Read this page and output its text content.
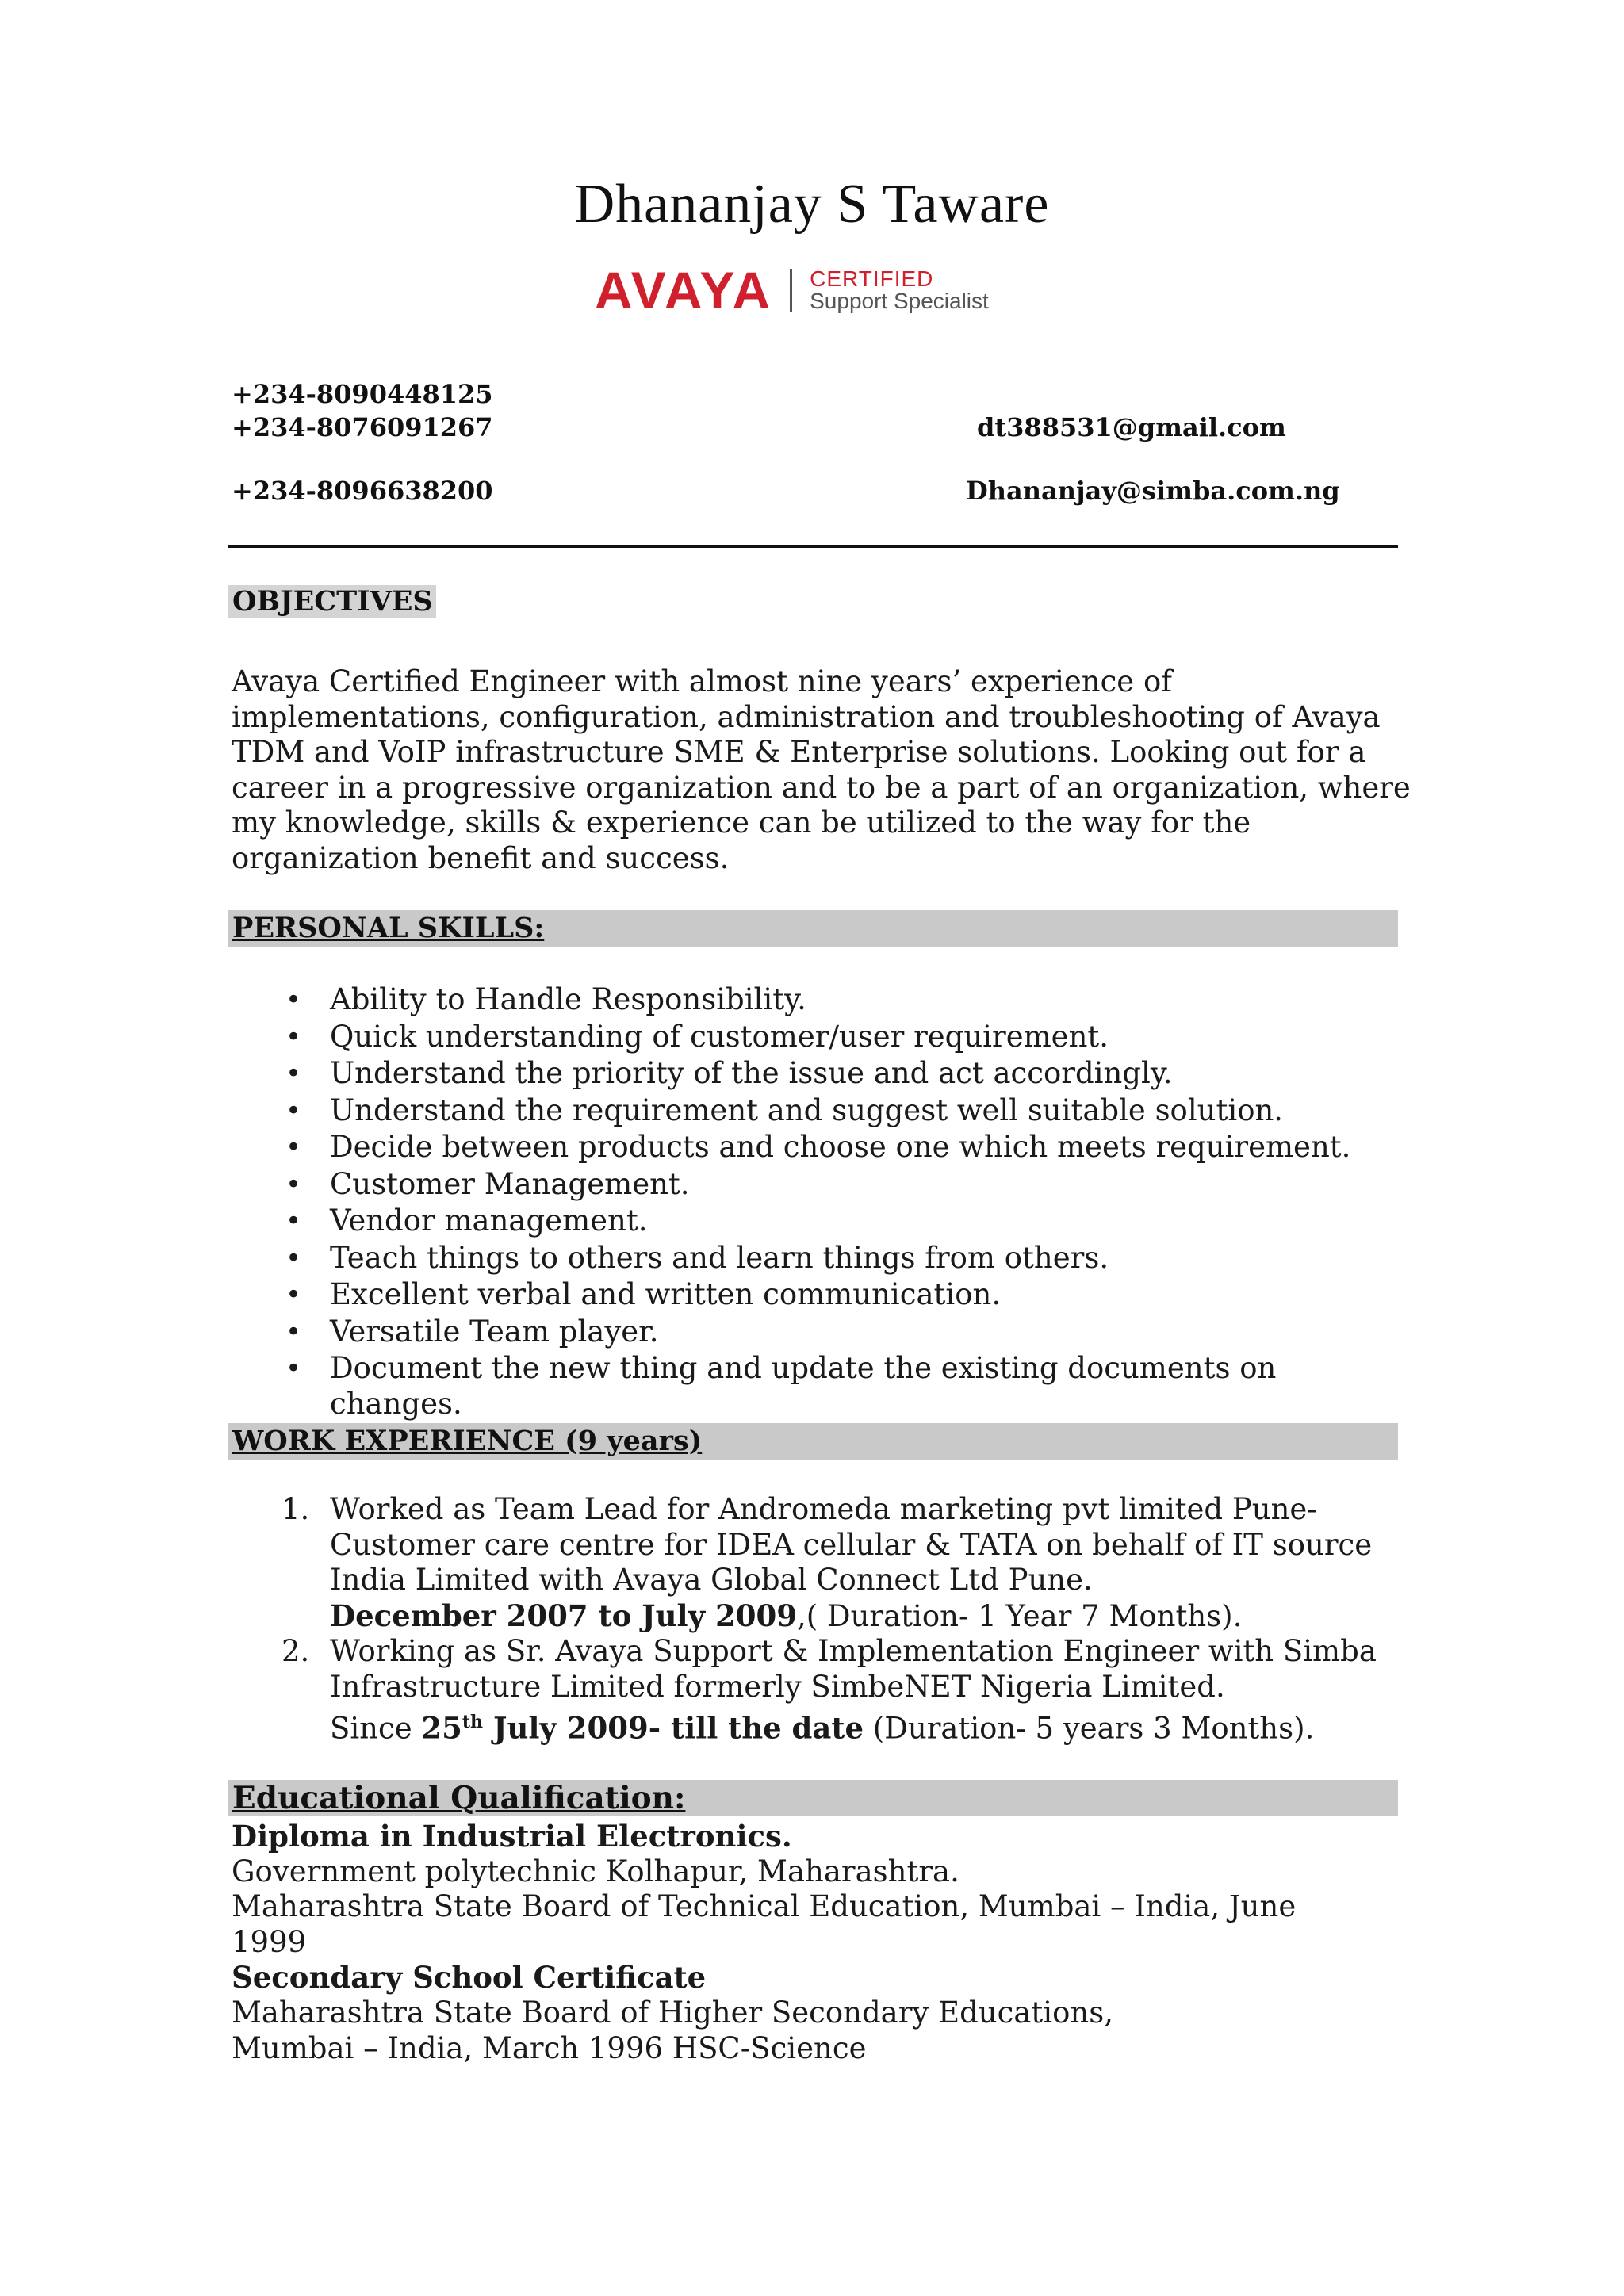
Dhananjay S Taware
AVAYA CERTIFIED
Support Specialist
+234-8090448125
+234-8076091267
+234-8096638200
dt388531@gmail.com
Dhananjay@simba.com.ng
OBJECTIVES
Avaya Certified Engineer with almost nine years’ experience of
implementations, configuration, administration and troubleshooting of Avaya
TDM and VoIP infrastructure SME & Enterprise solutions. Looking out for a
career in a progressive organization and to be a part of an organization, where
my knowledge, skills & experience can be utilized to the way for the
organization benefit and success.
PERSONAL SKILLS:
• Ability to Handle Responsibility.
• Quick understanding of customer/user requirement.
• Understand the priority of the issue and act accordingly.
• Understand the requirement and suggest well suitable solution.
• Decide between products and choose one which meets requirement.
• Customer Management.
• Vendor management.
• Teach things to others and learn things from others.
• Excellent verbal and written communication.
• Versatile Team player.
• Document the new thing and update the existing documents on
changes.
WORK EXPERIENCE (9 years)
1. Worked as Team Lead for Andromeda marketing pvt limited Pune-
Customer care centre for IDEA cellular & TATA on behalf of IT source
India Limited with Avaya Global Connect Ltd Pune.
December 2007 to July 2009,( Duration- 1 Year 7 Months).
2. Working as Sr. Avaya Support & Implementation Engineer with Simba
Infrastructure Limited formerly SimbeNET Nigeria Limited.
Since 25th July 2009- till the date (Duration- 5 years 3 Months).
Educational Qualification:
Diploma in Industrial Electronics.
Government polytechnic Kolhapur, Maharashtra.
Maharashtra State Board of Technical Education, Mumbai – India, June
1999
Secondary School Certificate
Maharashtra State Board of Higher Secondary Educations,
Mumbai – India, March 1996 HSC-Science
